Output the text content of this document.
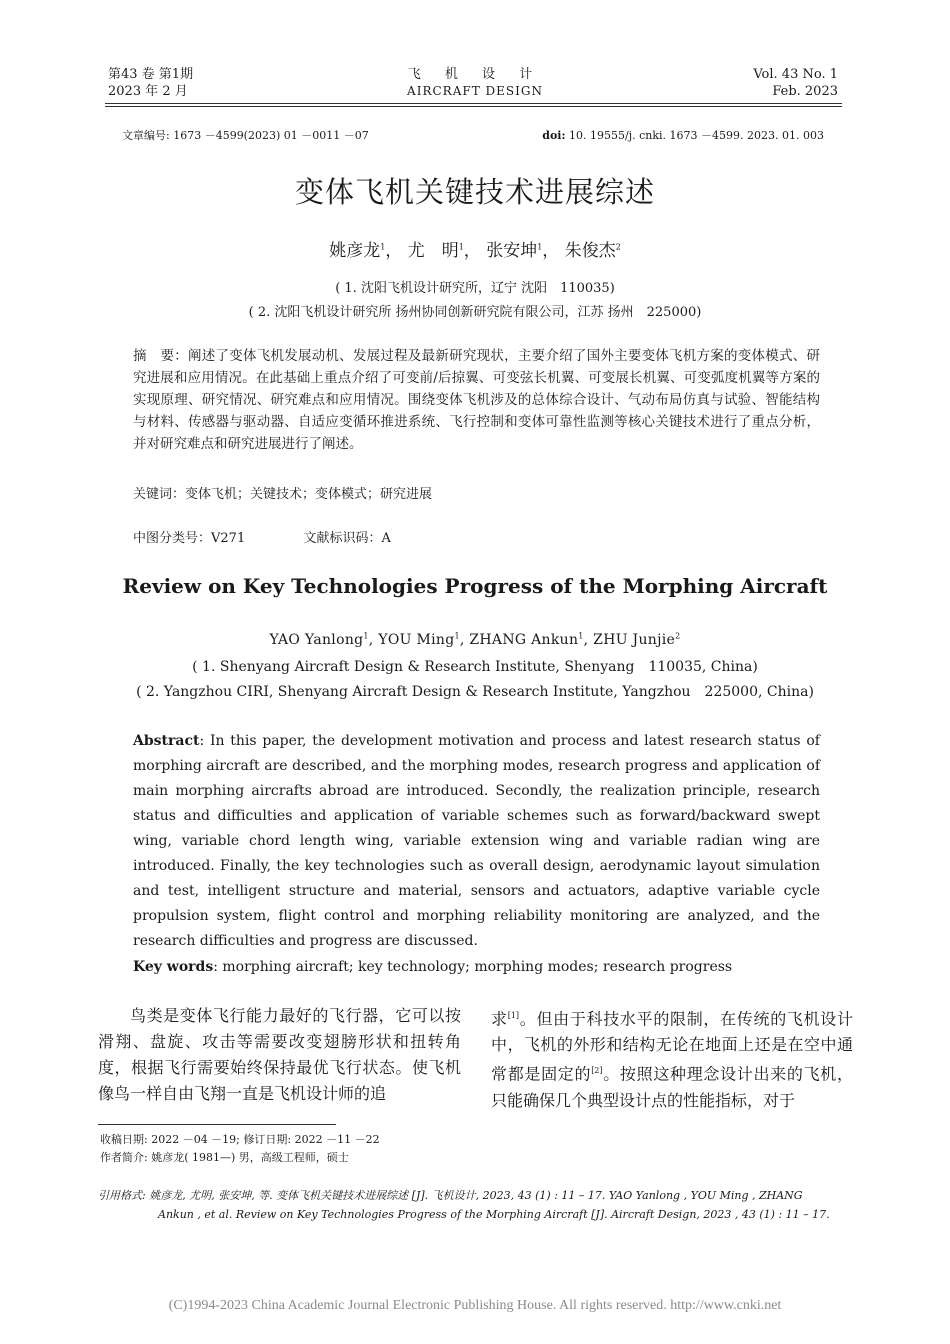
第43 卷 第1期
2023 年 2 月
飞 机 设 计
AIRCRAFT DESIGN
Vol. 43 No. 1
Feb. 2023
文章编号: 1673 －4599(2023) 01 －0011 －07	doi: 10. 19555/j. cnki. 1673 －4599. 2023. 01. 003
变体飞机关键技术进展综述
姚彦龙$^1$， 尤　明$^1$， 张安坤$^1$， 朱俊杰$^2$
( 1. 沈阳飞机设计研究所，辽宁 沈阳　110035)
( 2. 沈阳飞机设计研究所 扬州协同创新研究院有限公司，江苏 扬州　225000)
摘　要：阐述了变体飞机发展动机、发展过程及最新研究现状，主要介绍了国外主要变体飞机方案的变体模式、研究进展和应用情况。在此基础上重点介绍了可变前/后掠翼、可变弦长机翼、可变展长机翼、可变弧度机翼等方案的实现原理、研究情况、研究难点和应用情况。围绕变体飞机涉及的总体综合设计、气动布局仿真与试验、智能结构与材料、传感器与驱动器、自适应变循环推进系统、飞行控制和变体可靠性监测等核心关键技术进行了重点分析，并对研究难点和研究进展进行了阐述。
关键词：变体飞机；关键技术；变体模式；研究进展
中图分类号：V271	文献标识码：A
Review on Key Technologies Progress of the Morphing Aircraft
YAO Yanlong$^1$, YOU Ming$^1$, ZHANG Ankun$^1$, ZHU Junjie$^2$
( 1. Shenyang Aircraft Design & Research Institute, Shenyang　110035, China)
( 2. Yangzhou CIRI, Shenyang Aircraft Design & Research Institute, Yangzhou　225000, China)
Abstract: In this paper, the development motivation and process and latest research status of morphing aircraft are described, and the morphing modes, research progress and application of main morphing aircrafts abroad are introduced. Secondly, the realization principle, research status and difficulties and application of variable schemes such as forward/backward swept wing, variable chord length wing, variable extension wing and variable radian wing are introduced. Finally, the key technologies such as overall design, aerodynamic layout simulation and test, intelligent structure and material, sensors and actuators, adaptive variable cycle propulsion system, flight control and morphing reliability monitoring are analyzed, and the research difficulties and progress are discussed.
Key words: morphing aircraft; key technology; morphing modes; research progress
鸟类是变体飞行能力最好的飞行器，它可以按滑翔、盘旋、攻击等需要改变翅膀形状和扭转角度，根据飞行需要始终保持最优飞行状态。使飞机像鸟一样自由飞翔一直是飞机设计师的追
求[1]。但由于科技水平的限制，在传统的飞机设计中，飞机的外形和结构无论在地面上还是在空中通常都是固定的[2]。按照这种理念设计出来的飞机，只能确保几个典型设计点的性能指标，对于
收稿日期: 2022 －04 －19; 修订日期: 2022 －11 －22
作者简介: 姚彦龙( 1981—) 男，高级工程师，硕士
引用格式: 姚彦龙, 尤明, 张安坤, 等. 变体飞机关键技术进展综述 [J]. 飞机设计, 2023, 43 (1) : 11 – 17. YAO Yanlong , YOU Ming , ZHANG
Ankun , et al. Review on Key Technologies Progress of the Morphing Aircraft [J]. Aircraft Design, 2023 , 43 (1) : 11 – 17.
(C)1994-2023 China Academic Journal Electronic Publishing House. All rights reserved. http://www.cnki.net
